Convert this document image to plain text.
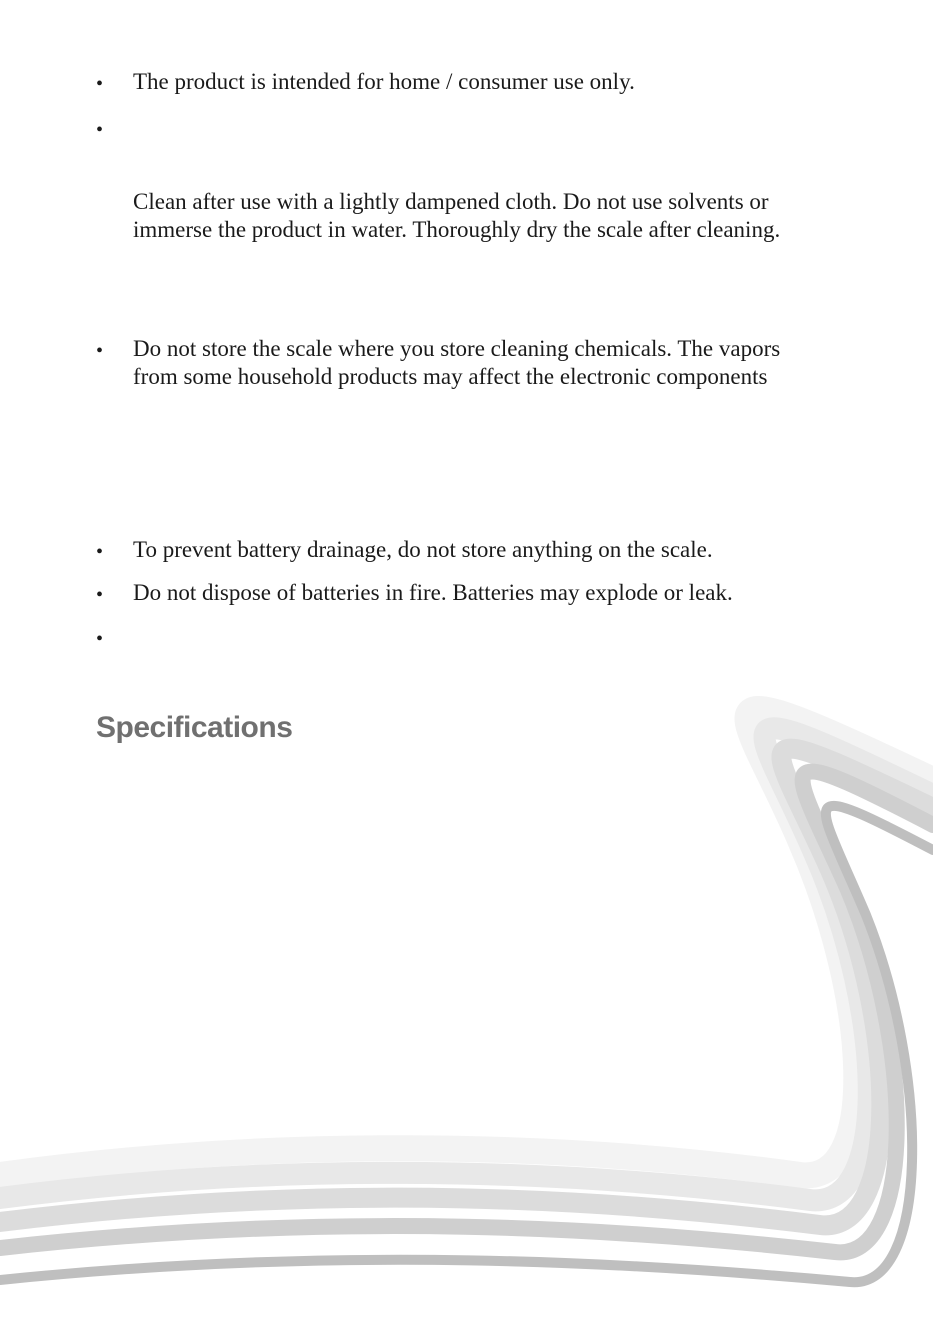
• The product is intended for home / consumer use only.

•

Clean after use with a lightly dampened cloth. Do not use solvents or

immerse the product in water. Thoroughly dry the scale after cleaning.

• Do not store the scale where you store cleaning chemicals. The vapors

from some household products may affect the electronic components

• To prevent battery drainage, do not store anything on the scale.

• Do not dispose of batteries in fire. Batteries may explode or leak.

•

Specifications
